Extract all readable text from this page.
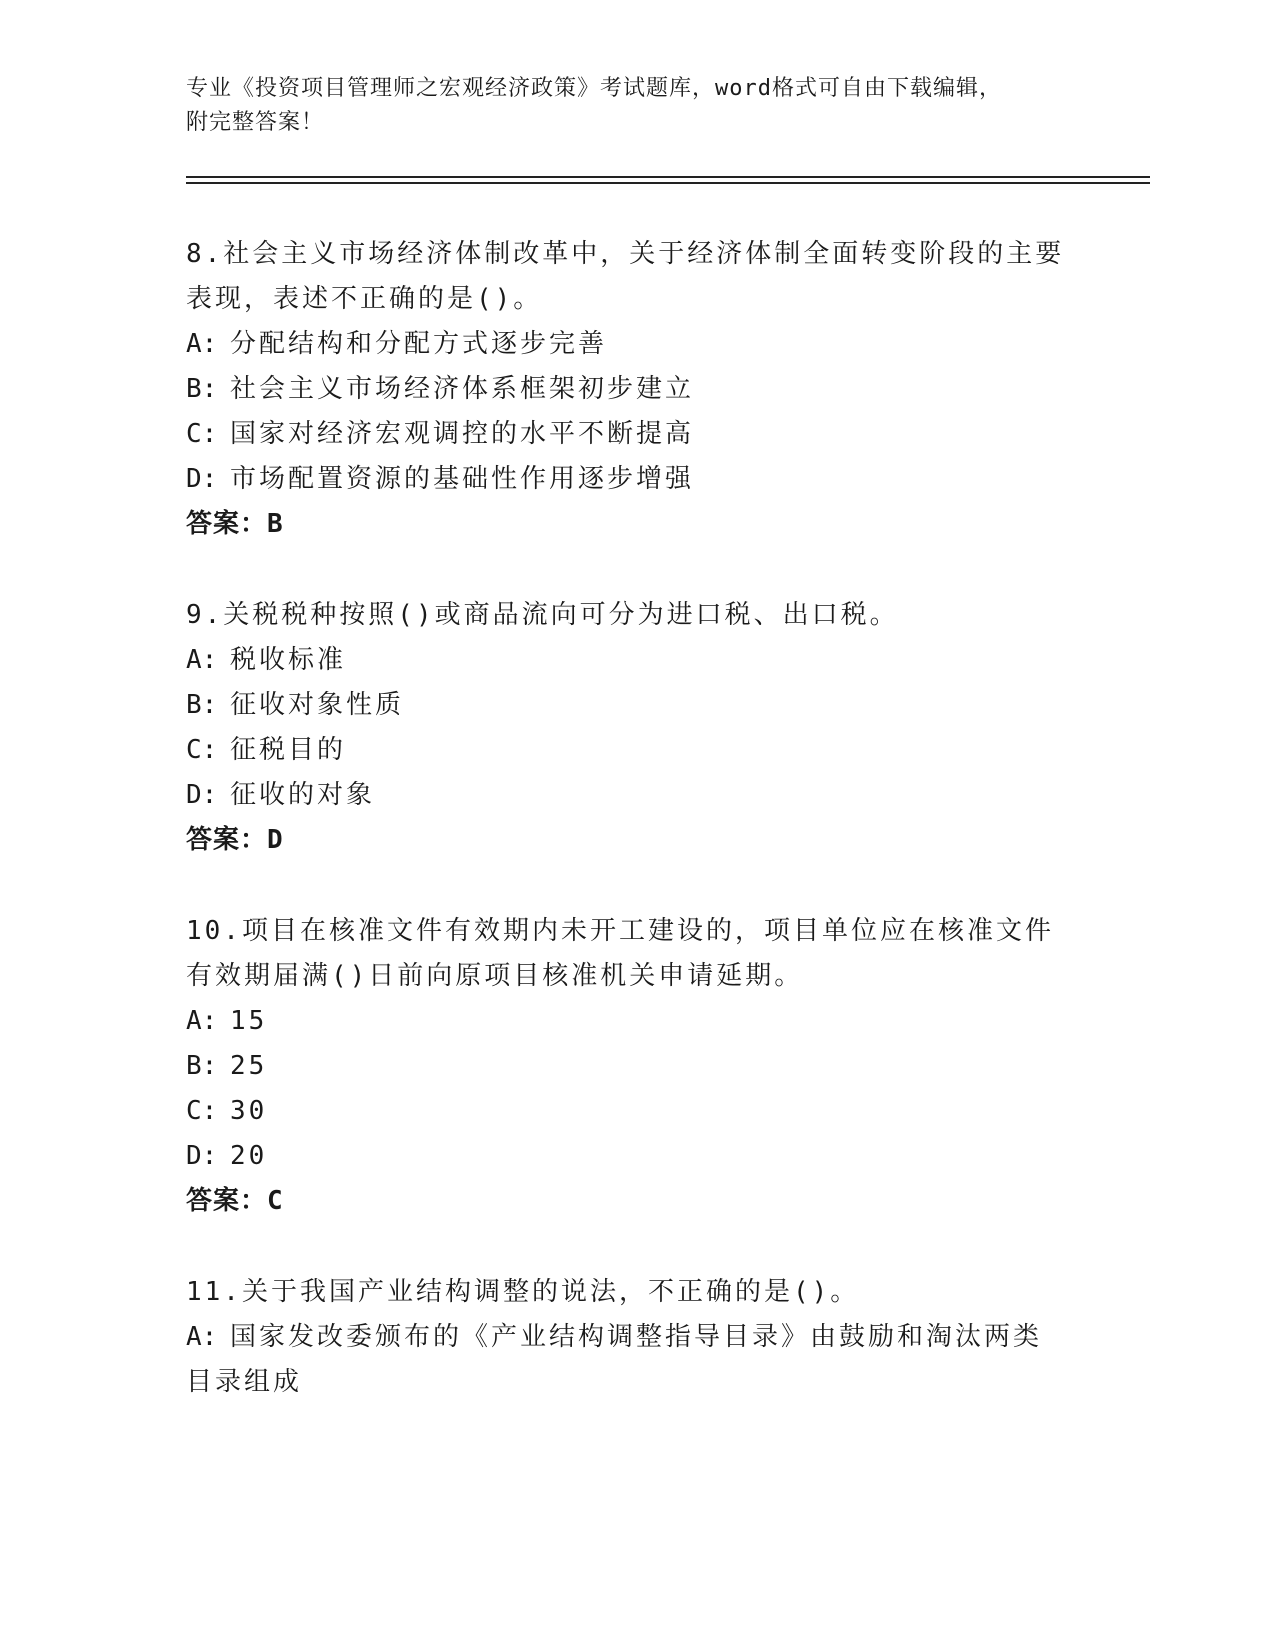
专业《投资项目管理师之宏观经济政策》考试题库，word格式可自由下载编辑，
附完整答案！
8.社会主义市场经济体制改革中，关于经济体制全面转变阶段的主要表现，表述不正确的是()。
A: 分配结构和分配方式逐步完善
B: 社会主义市场经济体系框架初步建立
C: 国家对经济宏观调控的水平不断提高
D: 市场配置资源的基础性作用逐步增强
答案：B
9.关税税种按照()或商品流向可分为进口税、出口税。
A: 税收标准
B: 征收对象性质
C: 征税目的
D: 征收的对象
答案：D
10.项目在核准文件有效期内未开工建设的，项目单位应在核准文件有效期届满()日前向原项目核准机关申请延期。
A: 15
B: 25
C: 30
D: 20
答案：C
11.关于我国产业结构调整的说法，不正确的是()。
A: 国家发改委颁布的《产业结构调整指导目录》由鼓励和淘汰两类目录组成
